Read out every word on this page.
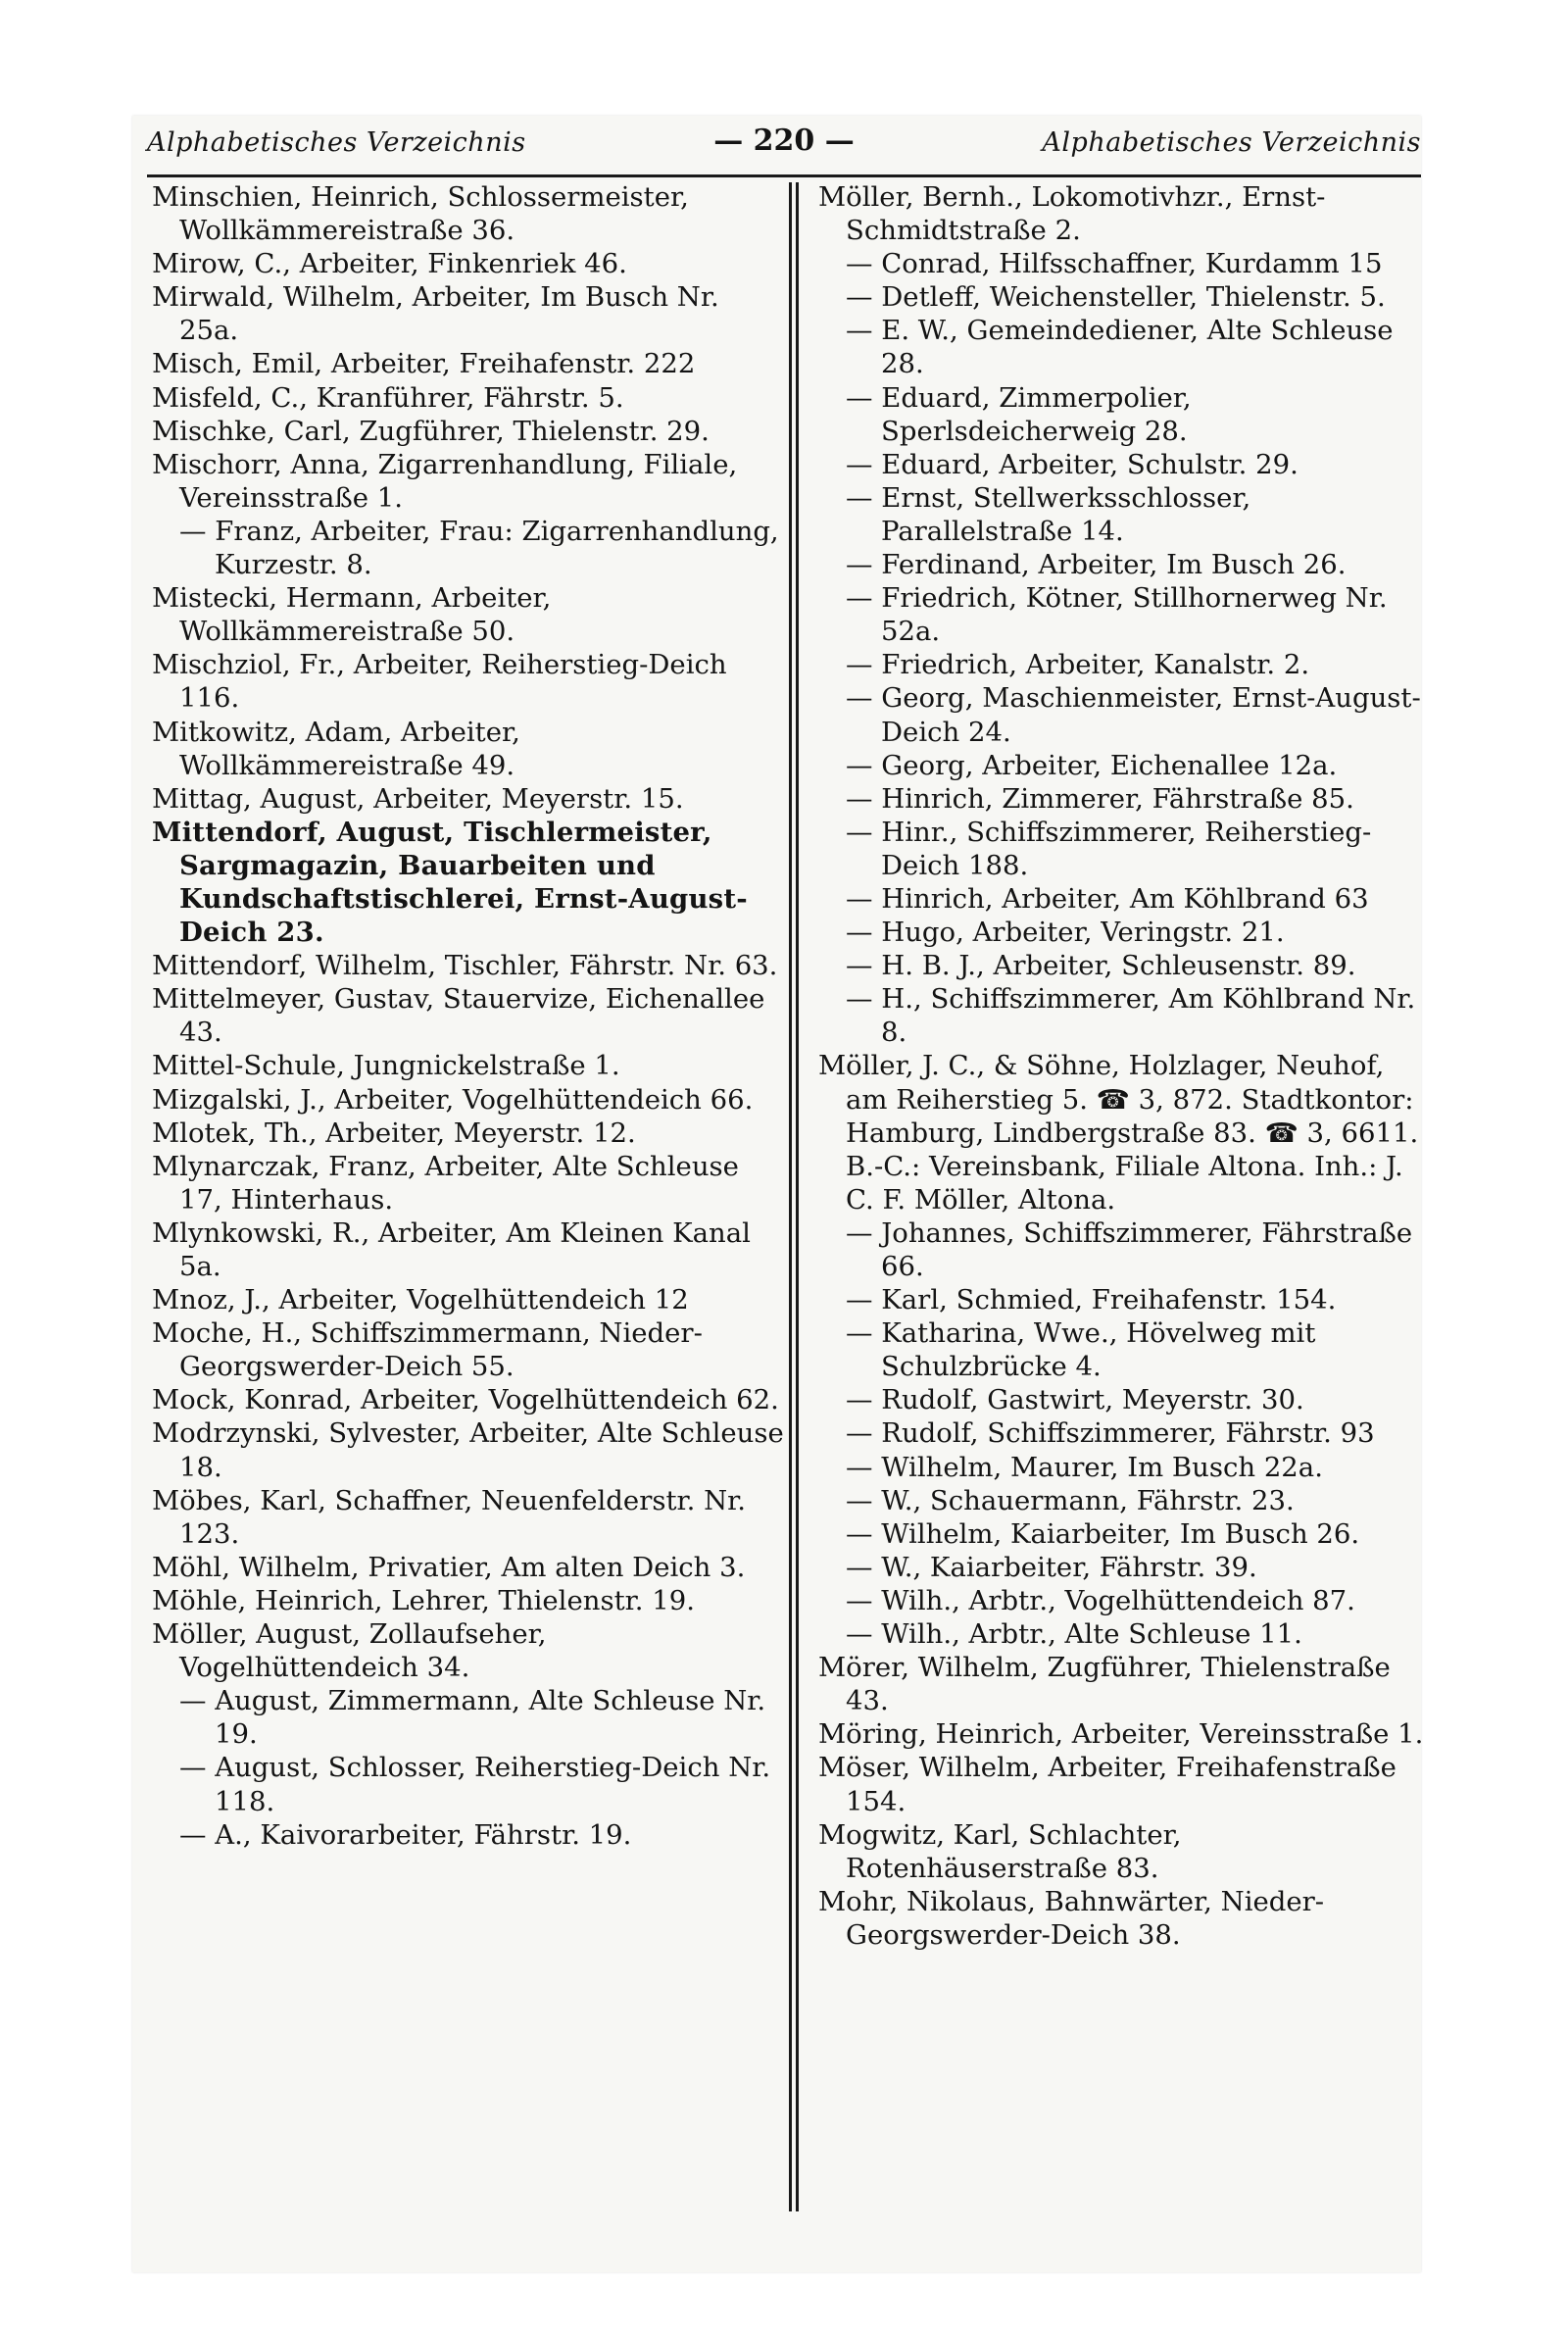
Alphabetisches Verzeichnis	— 220 —	Alphabetisches Verzeichnis

Minschien, Heinrich, Schlossermeister, Wollkämmereistraße 36.

Mirow, C., Arbeiter, Finkenriek 46.

Mirwald, Wilhelm, Arbeiter, Im Busch Nr. 25a.

Misch, Emil, Arbeiter, Freihafenstr. 222

Misfeld, C., Kranführer, Fährstr. 5.

Mischke, Carl, Zugführer, Thielenstr. 29.

Mischorr, Anna, Zigarrenhandlung, Filiale, Vereinsstraße 1.

— Franz, Arbeiter, Frau: Zigarrenhandlung, Kurzestr. 8.

Mistecki, Hermann, Arbeiter, Wollkämmereistraße 50.

Mischziol, Fr., Arbeiter, Reiherstieg-Deich 116.

Mitkowitz, Adam, Arbeiter, Wollkämmereistraße 49.

Mittag, August, Arbeiter, Meyerstr. 15.

Mittendorf, August, Tischlermeister, Sargmagazin, Bauarbeiten und Kundschaftstischlerei, Ernst-August-Deich 23.

Mittendorf, Wilhelm, Tischler, Fährstr. Nr. 63.

Mittelmeyer, Gustav, Stauervize, Eichenallee 43.

Mittel-Schule, Jungnickelstraße 1.

Mizgalski, J., Arbeiter, Vogelhüttendeich 66.

Mlotek, Th., Arbeiter, Meyerstr. 12.

Mlynarczak, Franz, Arbeiter, Alte Schleuse 17, Hinterhaus.

Mlynkowski, R., Arbeiter, Am Kleinen Kanal 5a.

Mnoz, J., Arbeiter, Vogelhüttendeich 12

Moche, H., Schiffszimmermann, Nieder-Georgswerder-Deich 55.

Mock, Konrad, Arbeiter, Vogelhüttendeich 62.

Modrzynski, Sylvester, Arbeiter, Alte Schleuse 18.

Möbes, Karl, Schaffner, Neuenfelderstr. Nr. 123.

Möhl, Wilhelm, Privatier, Am alten Deich 3.

Möhle, Heinrich, Lehrer, Thielenstr. 19.

Möller, August, Zollaufseher, Vogelhüttendeich 34.

— August, Zimmermann, Alte Schleuse Nr. 19.

— August, Schlosser, Reiherstieg-Deich Nr. 118.

— A., Kaivorarbeiter, Fährstr. 19.

Möller, Bernh., Lokomotivhzr., Ernst-Schmidtstraße 2.

— Conrad, Hilfsschaffner, Kurdamm 15

— Detleff, Weichensteller, Thielenstr. 5.

— E. W., Gemeindediener, Alte Schleuse 28.

— Eduard, Zimmerpolier, Sperlsdeicherweig 28.

— Eduard, Arbeiter, Schulstr. 29.

— Ernst, Stellwerksschlosser, Parallelstraße 14.

— Ferdinand, Arbeiter, Im Busch 26.

— Friedrich, Kötner, Stillhornerweg Nr. 52a.

— Friedrich, Arbeiter, Kanalstr. 2.

— Georg, Maschienmeister, Ernst-August-Deich 24.

— Georg, Arbeiter, Eichenallee 12a.

— Hinrich, Zimmerer, Fährstraße 85.

— Hinr., Schiffszimmerer, Reiherstieg-Deich 188.

— Hinrich, Arbeiter, Am Köhlbrand 63

— Hugo, Arbeiter, Veringstr. 21.

— H. B. J., Arbeiter, Schleusenstr. 89.

— H., Schiffszimmerer, Am Köhlbrand Nr. 8.

Möller, J. C., & Söhne, Holzlager, Neuhof, am Reiherstieg 5. ☎ 3, 872. Stadtkontor: Hamburg, Lindbergstraße 83. ☎ 3, 6611. B.-C.: Vereinsbank, Filiale Altona. Inh.: J. C. F. Möller, Altona.

— Johannes, Schiffszimmerer, Fährstraße 66.

— Karl, Schmied, Freihafenstr. 154.

— Katharina, Wwe., Hövelweg mit Schulzbrücke 4.

— Rudolf, Gastwirt, Meyerstr. 30.

— Rudolf, Schiffszimmerer, Fährstr. 93

— Wilhelm, Maurer, Im Busch 22a.

— W., Schauermann, Fährstr. 23.

— Wilhelm, Kaiarbeiter, Im Busch 26.

— W., Kaiarbeiter, Fährstr. 39.

— Wilh., Arbtr., Vogelhüttendeich 87.

— Wilh., Arbtr., Alte Schleuse 11.

Mörer, Wilhelm, Zugführer, Thielenstraße 43.

Möring, Heinrich, Arbeiter, Vereinsstraße 1.

Möser, Wilhelm, Arbeiter, Freihafenstraße 154.

Mogwitz, Karl, Schlachter, Rotenhäuserstraße 83.

Mohr, Nikolaus, Bahnwärter, Nieder-Georgswerder-Deich 38.
